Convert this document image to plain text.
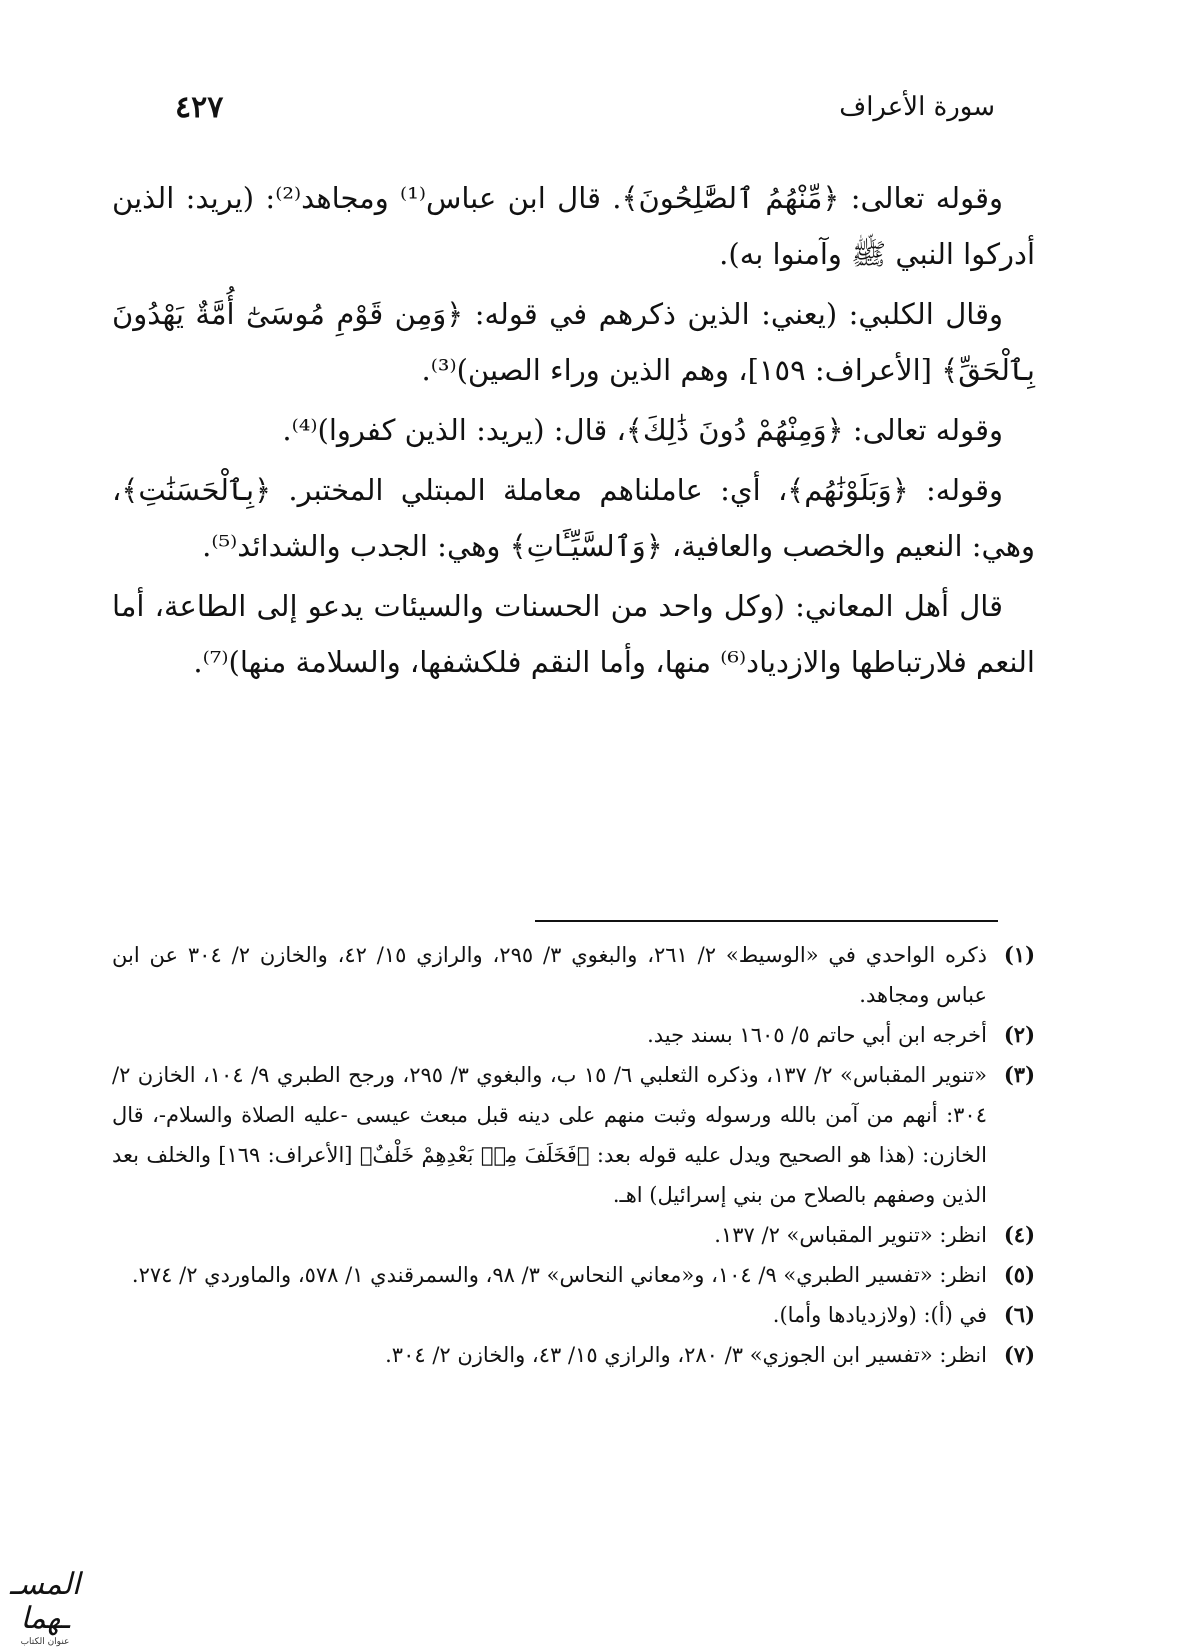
سورة الأعراف
٤٢٧

وقوله تعالى: ﴿مِّنْهُمُ ٱلصَّٰلِحُونَ﴾. قال ابن عباس⁽¹⁾ ومجاهد⁽²⁾: (يريد: الذين أدركوا النبي ﷺ وآمنوا به).

وقال الكلبي: (يعني: الذين ذكرهم في قوله: ﴿وَمِن قَوْمِ مُوسَىٰٓ أُمَّةٌ يَهْدُونَ بِٱلْحَقِّ﴾ [الأعراف: ١٥٩]، وهم الذين وراء الصين)⁽³⁾.

وقوله تعالى: ﴿وَمِنْهُمْ دُونَ ذَٰلِكَ﴾، قال: (يريد: الذين كفروا)⁽⁴⁾.

وقوله: ﴿وَبَلَوْنَٰهُم﴾، أي: عاملناهم معاملة المبتلي المختبر. ﴿بِٱلْحَسَنَٰتِ﴾، وهي: النعيم والخصب والعافية، ﴿وَٱلسَّيِّـَٔاتِ﴾ وهي: الجدب والشدائد⁽⁵⁾.

قال أهل المعاني: (وكل واحد من الحسنات والسيئات يدعو إلى الطاعة، أما النعم فلارتباطها والازدياد⁽⁶⁾ منها، وأما النقم فلكشفها، والسلامة منها)⁽⁷⁾.

(١)
ذكره الواحدي في «الوسيط» ٢/ ٢٦١، والبغوي ٣/ ٢٩٥، والرازي ١٥/ ٤٢، والخازن ٢/ ٣٠٤ عن ابن عباس ومجاهد.
(٢)
أخرجه ابن أبي حاتم ٥/ ١٦٠٥ بسند جيد.
(٣)
«تنوير المقباس» ٢/ ١٣٧، وذكره الثعلبي ٦/ ١٥ ب، والبغوي ٣/ ٢٩٥، ورجح الطبري ٩/ ١٠٤، الخازن ٢/ ٣٠٤: أنهم من آمن بالله ورسوله وثبت منهم على دينه قبل مبعث عيسى -عليه الصلاة والسلام-، قال الخازن: (هذا هو الصحيح ويدل عليه قوله بعد: ﴿فَخَلَفَ مِنۢ بَعْدِهِمْ خَلْفٌ﴾ [الأعراف: ١٦٩] والخلف بعد الذين وصفهم بالصلاح من بني إسرائيل) اهـ.
(٤)
انظر: «تنوير المقباس» ٢/ ١٣٧.
(٥)
انظر: «تفسير الطبري» ٩/ ١٠٤، و«معاني النحاس» ٣/ ٩٨، والسمرقندي ١/ ٥٧٨، والماوردي ٢/ ٢٧٤.
(٦)
في (أ): (ولازديادها وأما).
(٧)
انظر: «تفسير ابن الجوزي» ٣/ ٢٨٠، والرازي ١٥/ ٤٣، والخازن ٢/ ٣٠٤.
المسـ ـهما
عنوان الكتاب
